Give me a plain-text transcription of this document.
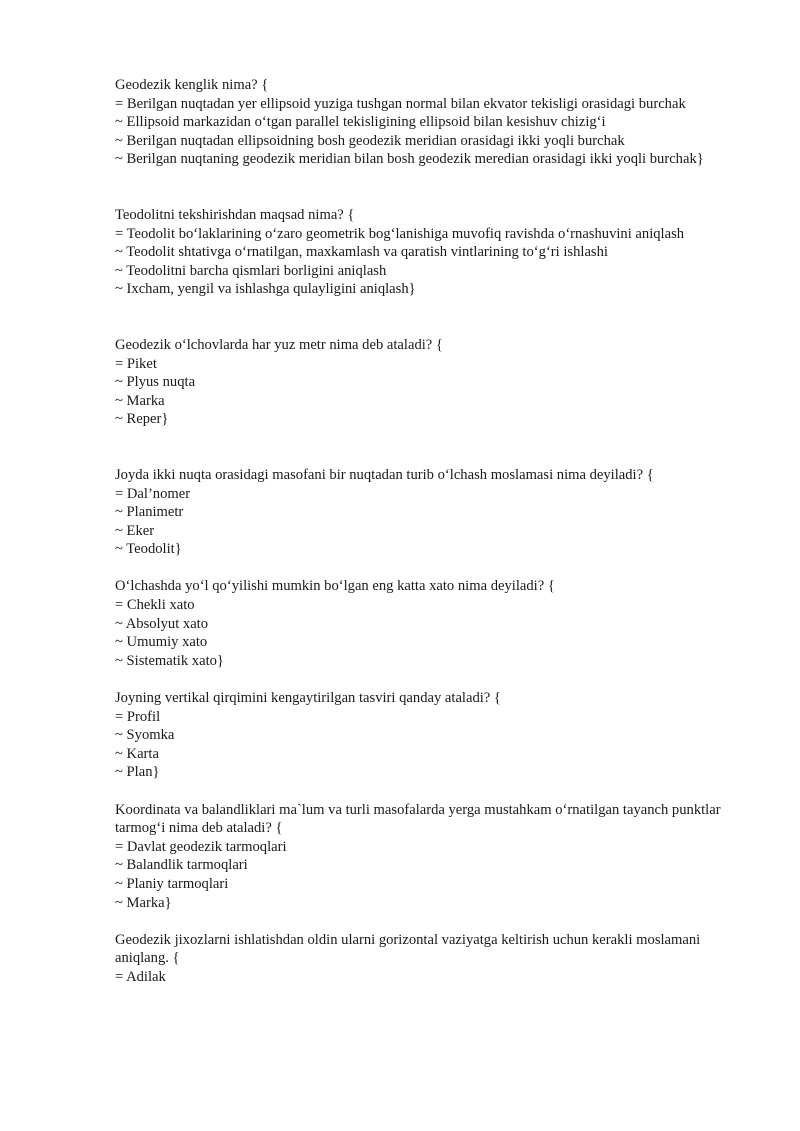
Geodezik kenglik nima? {
= Berilgan nuqtadan yer ellipsoid yuziga tushgan normal bilan ekvator tekisligi orasidagi burchak
~ Ellipsoid markazidan o‘tgan parallel tekisligining ellipsoid bilan kesishuv chizig‘i
~ Berilgan nuqtadan ellipsoidning bosh geodezik meridian orasidagi ikki yoqli burchak
~ Berilgan nuqtaning geodezik meridian bilan bosh geodezik meredian orasidagi ikki yoqli burchak}
Teodolitni tekshirishdan maqsad nima? {
= Teodolit bo‘laklarining o‘zaro geometrik bog‘lanishiga muvofiq ravishda o‘rnashuvini aniqlash
~ Teodolit shtativga o‘rnatilgan, maxkamlash va qaratish vintlarining to‘g‘ri ishlashi
~ Teodolitni barcha qismlari borligini aniqlash
~ Ixcham, yengil va ishlashga qulayligini aniqlash}
Geodezik o‘lchovlarda har yuz metr nima deb ataladi? {
= Piket
~ Plyus nuqta
~ Marka
~ Reper}
Joyda ikki nuqta orasidagi masofani bir nuqtadan turib o‘lchash moslamasi nima deyiladi? {
= Dal’nomer
~ Planimetr
~ Eker
~ Teodolit}
O‘lchashda yo‘l qo‘yilishi mumkin bo‘lgan eng katta xato nima deyiladi? {
= Chekli xato
~ Absolyut xato
~ Umumiy xato
~ Sistematik xato}
Joyning vertikal qirqimini kengaytirilgan tasviri qanday ataladi? {
= Profil
~ Syomka
~ Karta
~ Plan}
Koordinata va balandliklari ma`lum va turli masofalarda yerga mustahkam o‘rnatilgan tayanch punktlar tarmog‘i nima deb ataladi? {
= Davlat geodezik tarmoqlari
~ Balandlik tarmoqlari
~ Planiy tarmoqlari
~ Marka}
Geodezik jixozlarni ishlatishdan oldin ularni gorizontal vaziyatga keltirish uchun kerakli moslamani aniqlang. {
= Adilak
